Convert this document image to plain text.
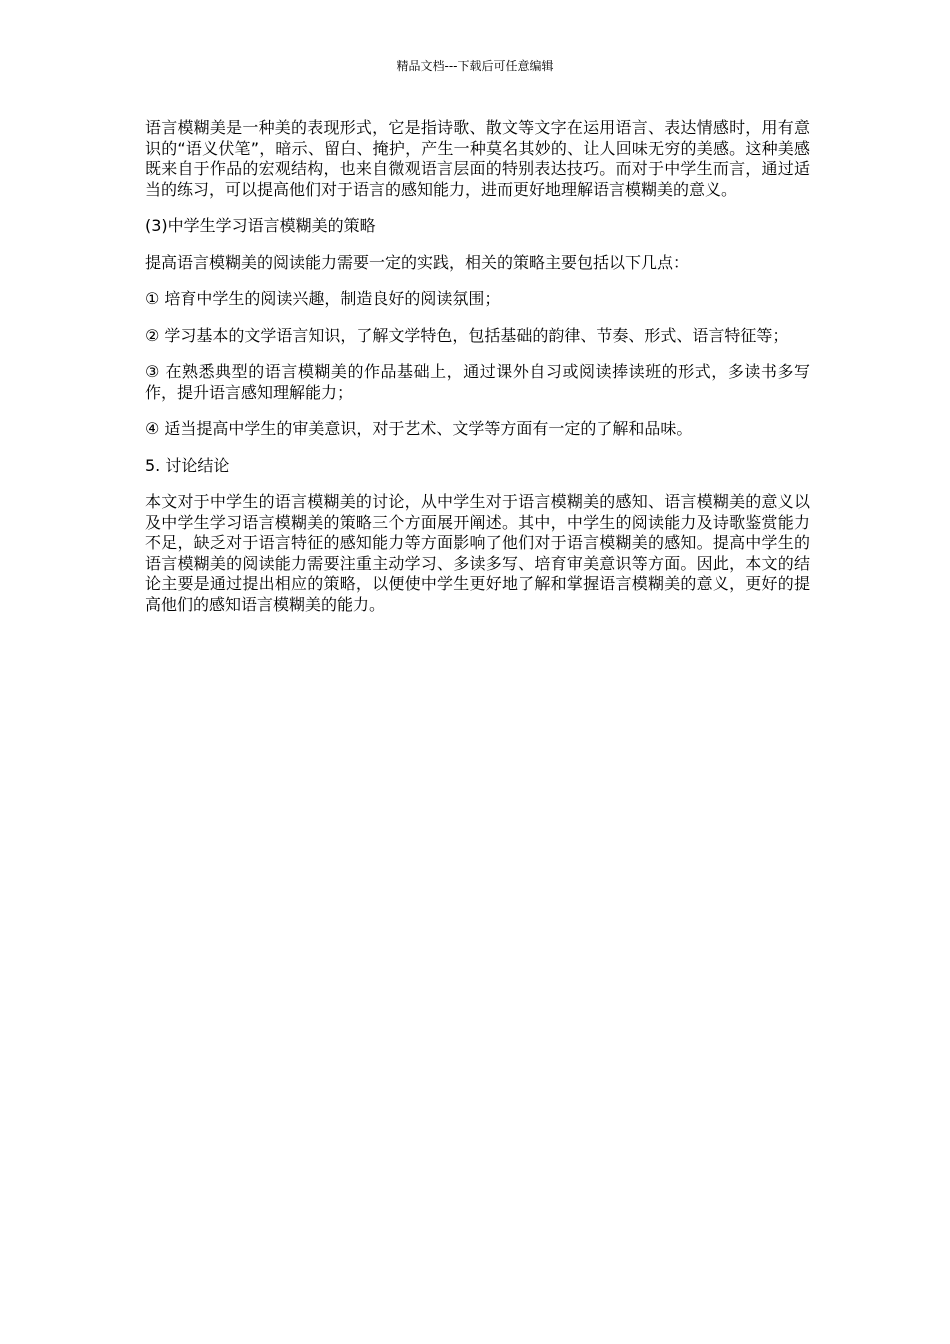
精品文档---下载后可任意编辑

语言模糊美是一种美的表现形式，它是指诗歌、散文等文字在运用语言、表达情感时，用有意识的“语义伏笔”，暗示、留白、掩护，产生一种莫名其妙的、让人回味无穷的美感。这种美感既来自于作品的宏观结构，也来自微观语言层面的特别表达技巧。而对于中学生而言，通过适当的练习，可以提高他们对于语言的感知能力，进而更好地理解语言模糊美的意义。

(3)中学生学习语言模糊美的策略

提高语言模糊美的阅读能力需要一定的实践，相关的策略主要包括以下几点：

① 培育中学生的阅读兴趣，制造良好的阅读氛围；

② 学习基本的文学语言知识，了解文学特色，包括基础的韵律、节奏、形式、语言特征等；

③ 在熟悉典型的语言模糊美的作品基础上，通过课外自习或阅读捧读班的形式，多读书多写作，提升语言感知理解能力；

④ 适当提高中学生的审美意识，对于艺术、文学等方面有一定的了解和品味。

5. 讨论结论

本文对于中学生的语言模糊美的讨论，从中学生对于语言模糊美的感知、语言模糊美的意义以及中学生学习语言模糊美的策略三个方面展开阐述。其中，中学生的阅读能力及诗歌鉴赏能力不足，缺乏对于语言特征的感知能力等方面影响了他们对于语言模糊美的感知。提高中学生的语言模糊美的阅读能力需要注重主动学习、多读多写、培育审美意识等方面。因此，本文的结论主要是通过提出相应的策略，以便使中学生更好地了解和掌握语言模糊美的意义，更好的提高他们的感知语言模糊美的能力。
